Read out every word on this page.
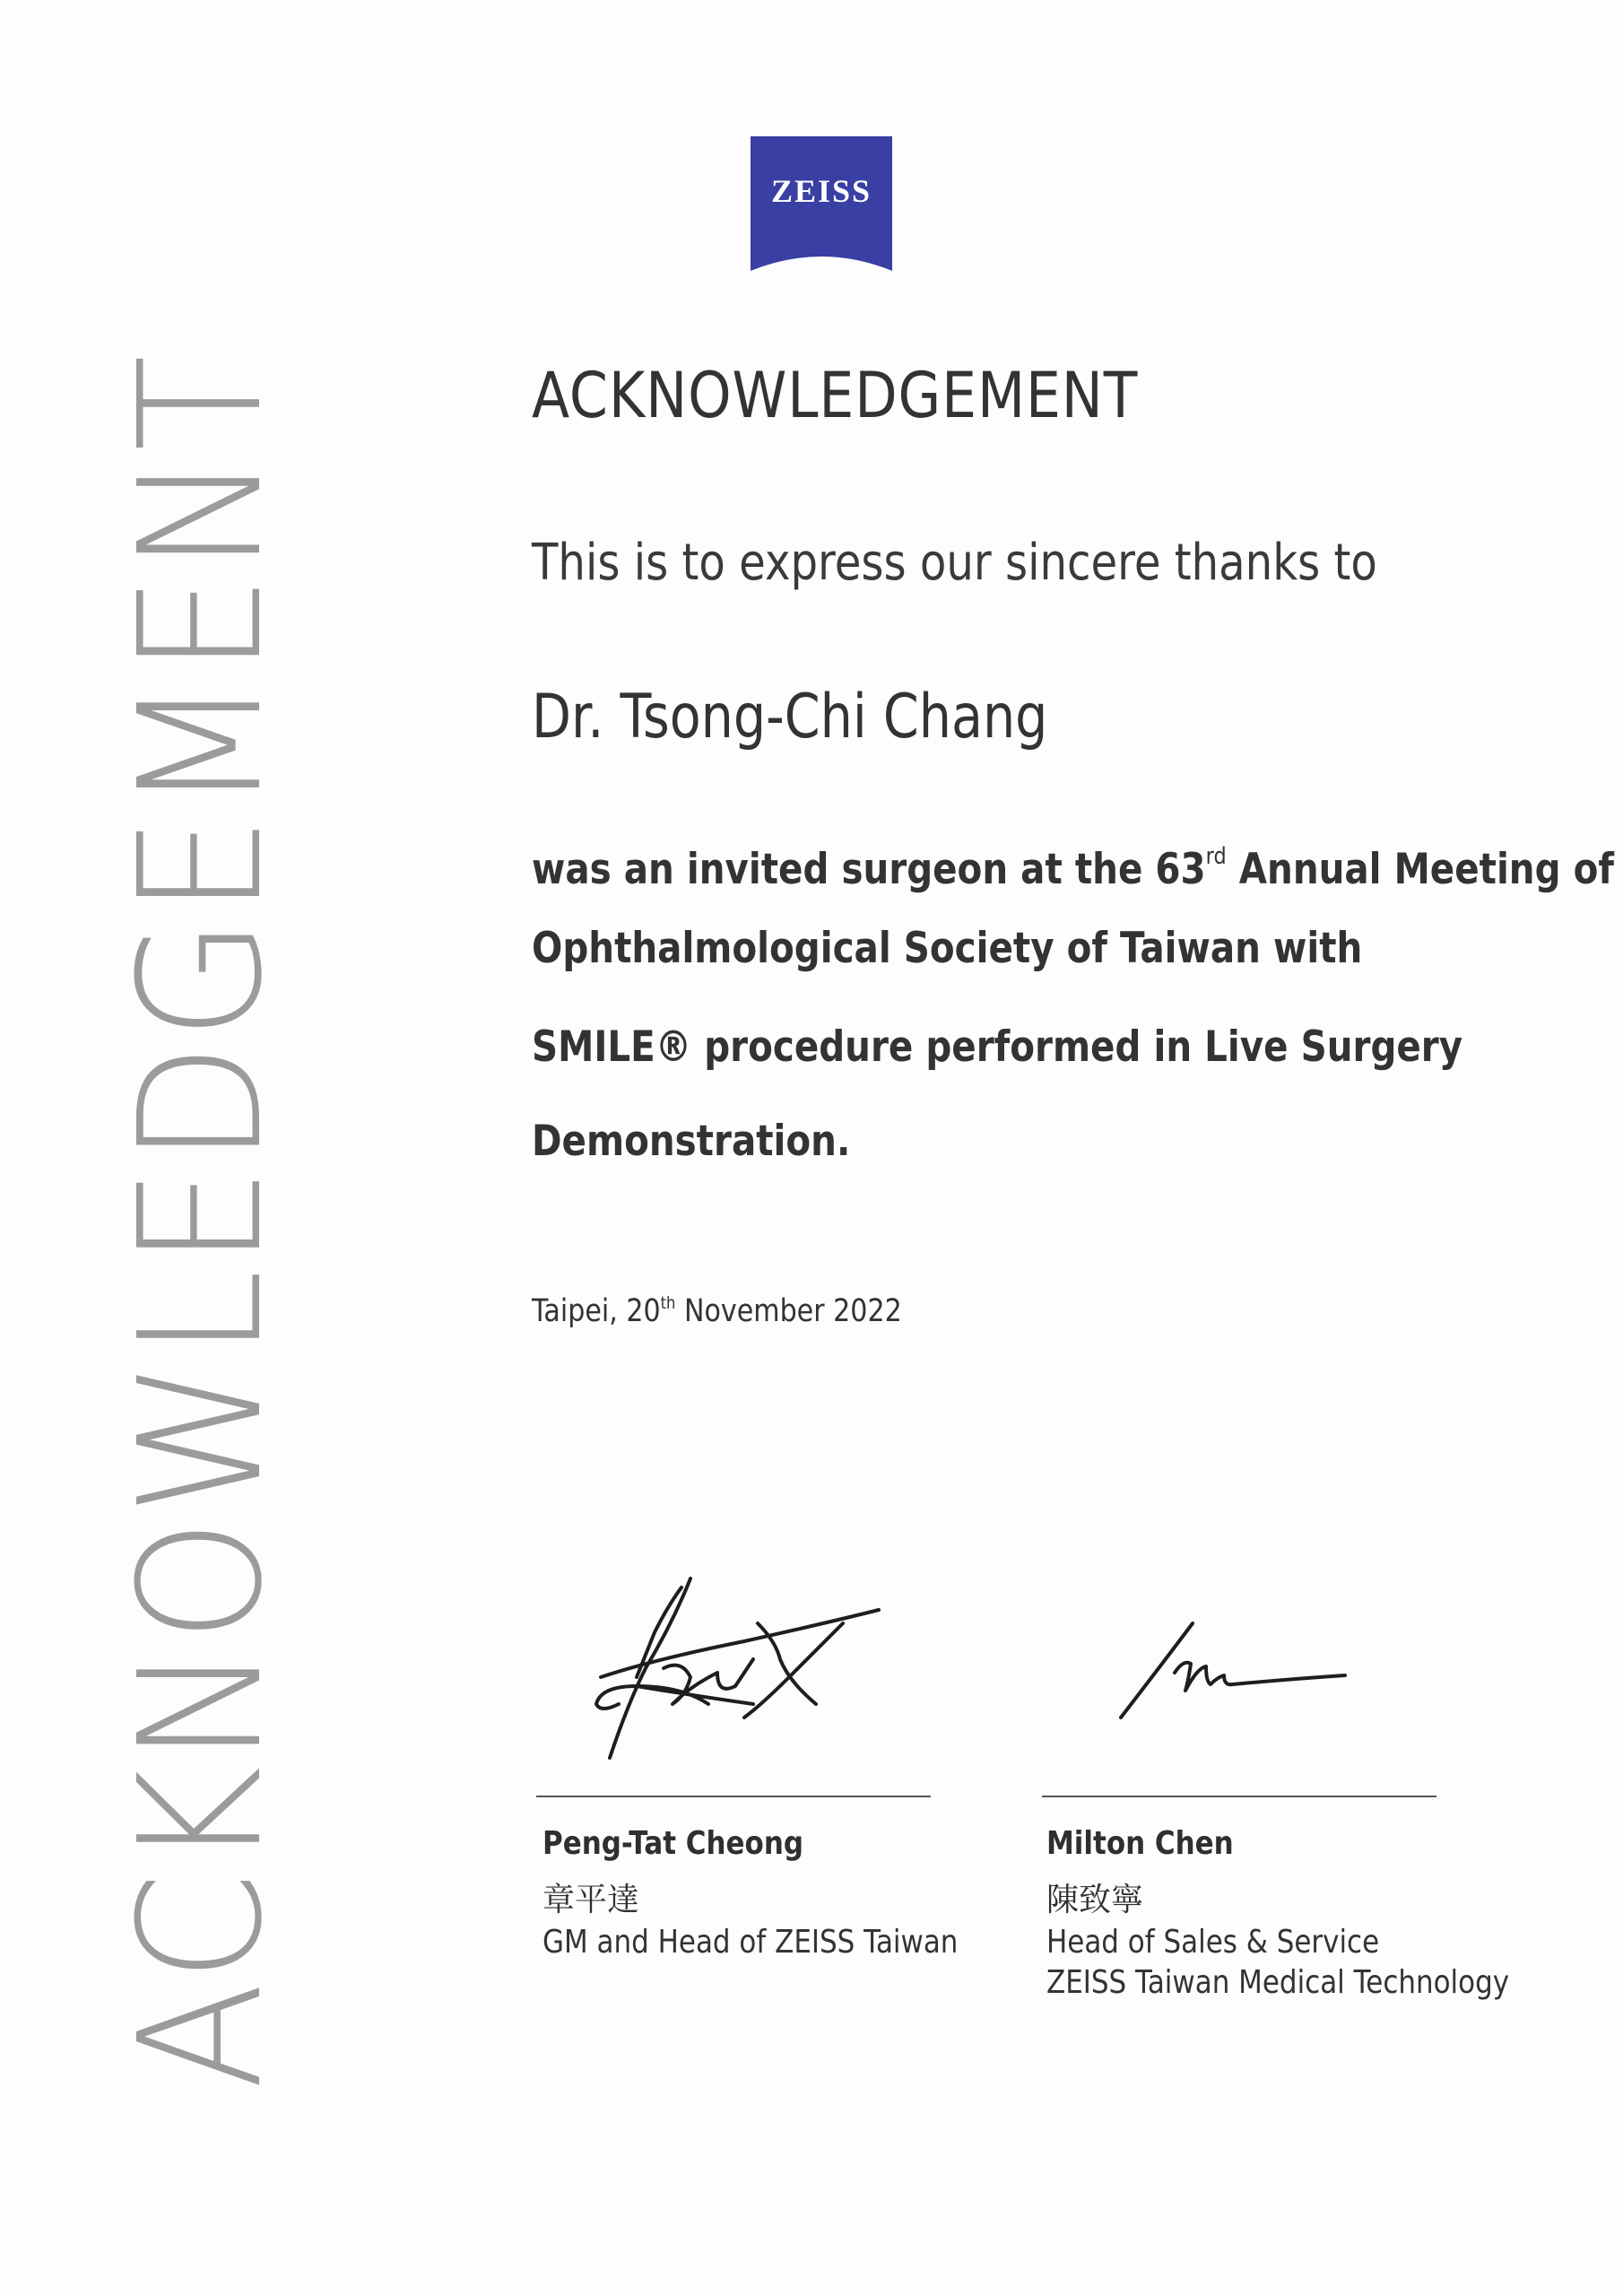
ACKNOWLEDGEMENT
ZEISS
ACKNOWLEDGEMENT
This is to express our sincere thanks to
Dr. Tsong-Chi Chang
was an invited surgeon at the 63rd Annual Meeting of
Ophthalmological Society of Taiwan with
SMILE® procedure performed in Live Surgery
Demonstration.
Taipei, 20th November 2022
Peng-Tat Cheong
章平達
GM and Head of ZEISS Taiwan
Milton Chen
陳致寧
Head of Sales & Service
ZEISS Taiwan Medical Technology
